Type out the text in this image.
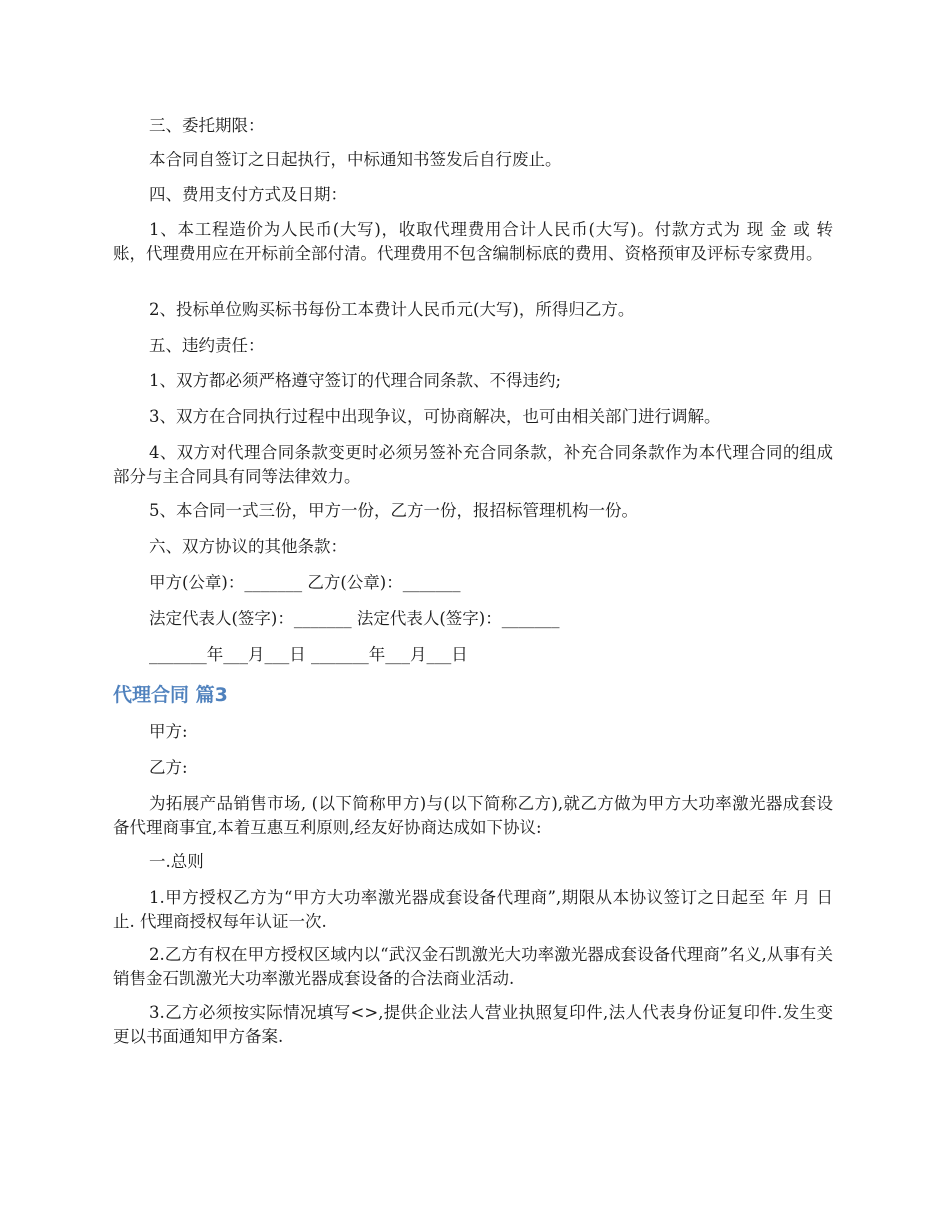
三、委托期限：

本合同自签订之日起执行，中标通知书签发后自行废止。

四、费用支付方式及日期：

1、本工程造价为人民币(大写)，收取代理费用合计人民币(大写)。付款方式为 现 金 或 转 账，代理费用应在开标前全部付清。代理费用不包含编制标底的费用、资格预审及评标专家费用。

2、投标单位购买标书每份工本费计人民币元(大写)，所得归乙方。

五、违约责任：

1、双方都必须严格遵守签订的代理合同条款、不得违约;

3、双方在合同执行过程中出现争议，可协商解决，也可由相关部门进行调解。

4、双方对代理合同条款变更时必须另签补充合同条款，补充合同条款作为本代理合同的组成部分与主合同具有同等法律效力。

5、本合同一式三份，甲方一份，乙方一份，报招标管理机构一份。

六、双方协议的其他条款：

甲方(公章)：_______ 乙方(公章)：_______

法定代表人(签字)：_______ 法定代表人(签字)：_______

_______年___月___日 _______年___月___日

代理合同 篇3

甲方:

乙方:

为拓展产品销售市场, (以下简称甲方)与(以下简称乙方),就乙方做为甲方大功率激光器成套设备代理商事宜,本着互惠互利原则,经友好协商达成如下协议:

一.总则

1.甲方授权乙方为“甲方大功率激光器成套设备代理商”,期限从本协议签订之日起至 年 月 日止. 代理商授权每年认证一次.

2.乙方有权在甲方授权区域内以“武汉金石凯激光大功率激光器成套设备代理商”名义,从事有关销售金石凯激光大功率激光器成套设备的合法商业活动.

3.乙方必须按实际情况填写<>,提供企业法人营业执照复印件,法人代表身份证复印件.发生变更以书面通知甲方备案.
